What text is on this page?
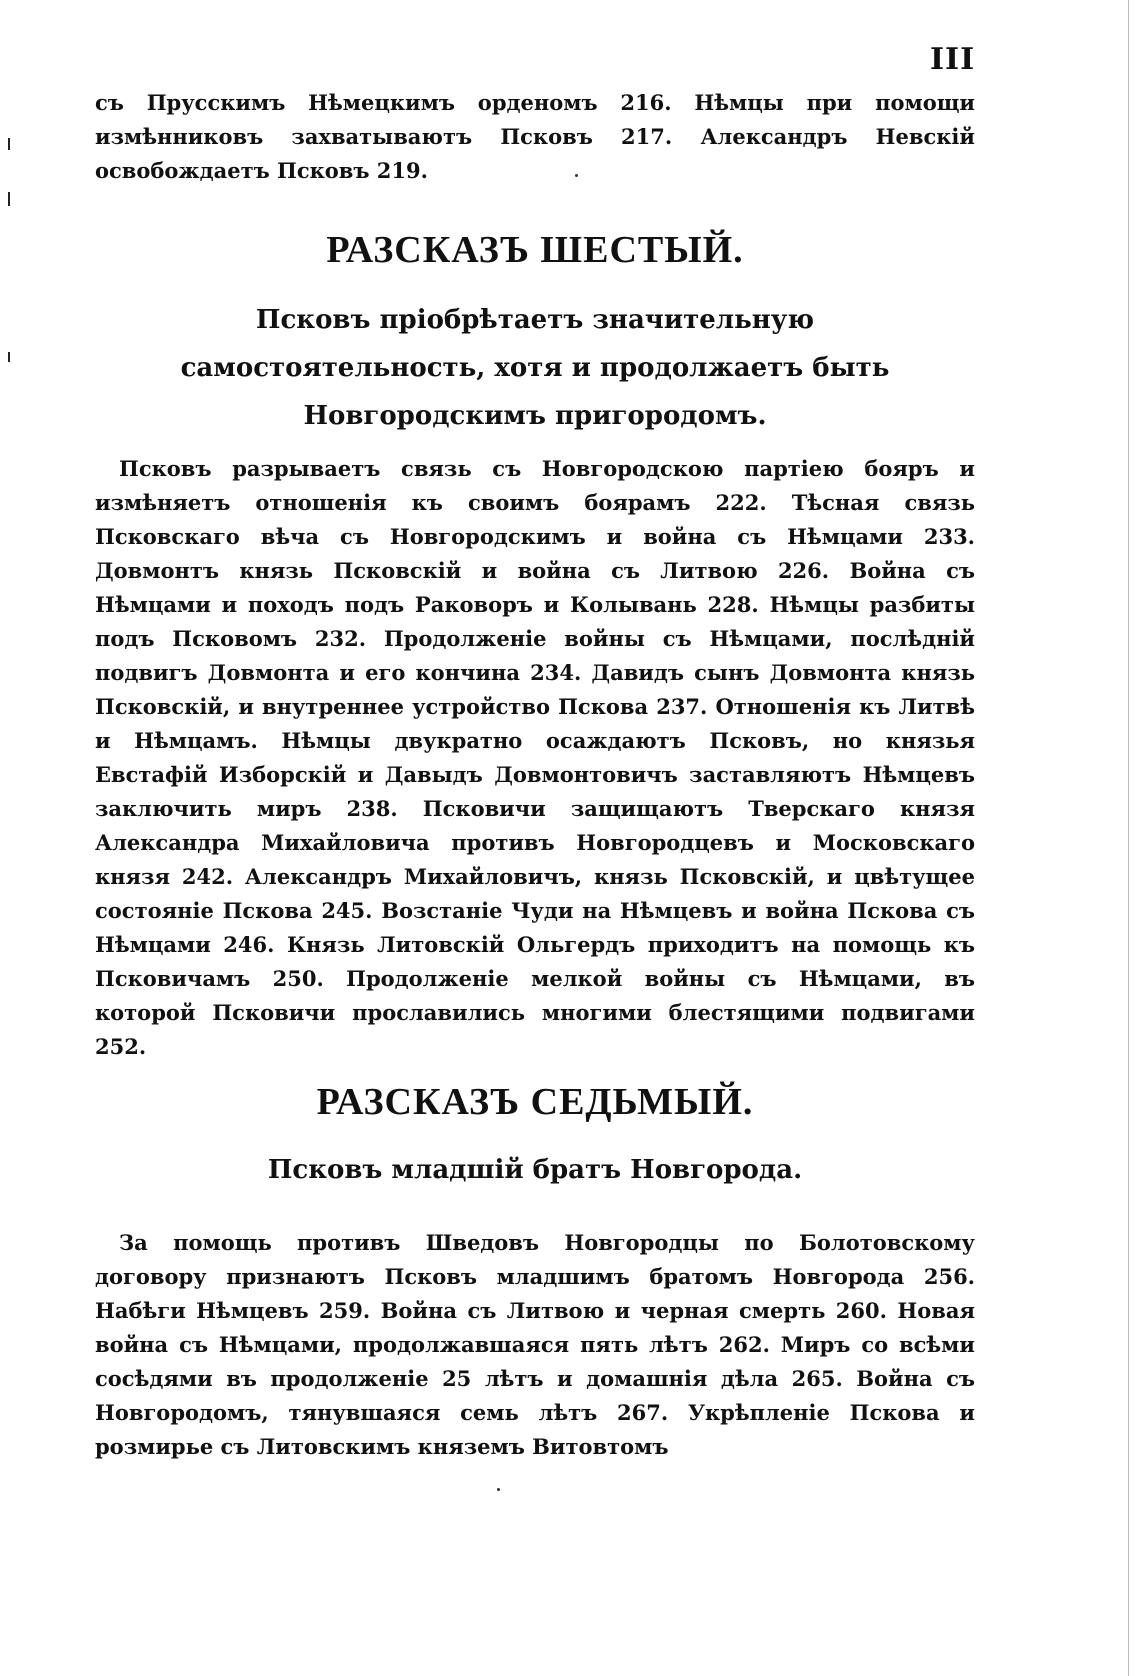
III

съ Прусскимъ Нѣмецкимъ орденомъ 216. Нѣмцы при помощи измѣнниковъ захватываютъ Псковъ 217. Александръ Невскій освобождаетъ Псковъ 219.

РАЗСКАЗЪ ШЕСТЫЙ.
Псковъ пріобрѣтаетъ значительную самостоятельность, хотя и продолжаетъ быть Новгородскимъ пригородомъ.

Псковъ разрываетъ связь съ Новгородскою партіею бояръ и измѣняетъ отношенія къ своимъ боярамъ 222. Тѣсная связь Псковскаго вѣча съ Новгородскимъ и война съ Нѣмцами 233. Довмонтъ князь Псковскій и война съ Литвою 226. Война съ Нѣмцами и походъ подъ Раковоръ и Колывань 228. Нѣмцы разбиты подъ Псковомъ 232. Продолженіе войны съ Нѣмцами, послѣдній подвигъ Довмонта и его кончина 234. Давидъ сынъ Довмонта князь Псковскій, и внутреннее устройство Пскова 237. Отношенія къ Литвѣ и Нѣмцамъ. Нѣмцы двукратно осаждаютъ Псковъ, но князья Евстафій Изборскій и Давыдъ Довмонтовичъ заставляютъ Нѣмцевъ заключить миръ 238. Псковичи защищаютъ Тверскаго князя Александра Михайловича противъ Новгородцевъ и Московскаго князя 242. Александръ Михайловичъ, князь Псковскій, и цвѣтущее состояніе Пскова 245. Возстаніе Чуди на Нѣмцевъ и война Пскова съ Нѣмцами 246. Князь Литовскій Ольгердъ приходитъ на помощь къ Псковичамъ 250. Продолженіе мелкой войны съ Нѣмцами, въ которой Псковичи прославились многими блестящими подвигами 252.

РАЗСКАЗЪ СЕДЬМЫЙ.
Псковъ младшій братъ Новгорода.

За помощь противъ Шведовъ Новгородцы по Болотовскому договору признаютъ Псковъ младшимъ братомъ Новгорода 256. Набѣги Нѣмцевъ 259. Война съ Литвою и черная смерть 260. Новая война съ Нѣмцами, продолжавшаяся пять лѣтъ 262. Миръ со всѣми сосѣдями въ продолженіе 25 лѣтъ и домашнія дѣла 265. Война съ Новгородомъ, тянувшаяся семь лѣтъ 267. Укрѣпленіе Пскова и розмирье съ Литовскимъ княземъ Витовтомъ
